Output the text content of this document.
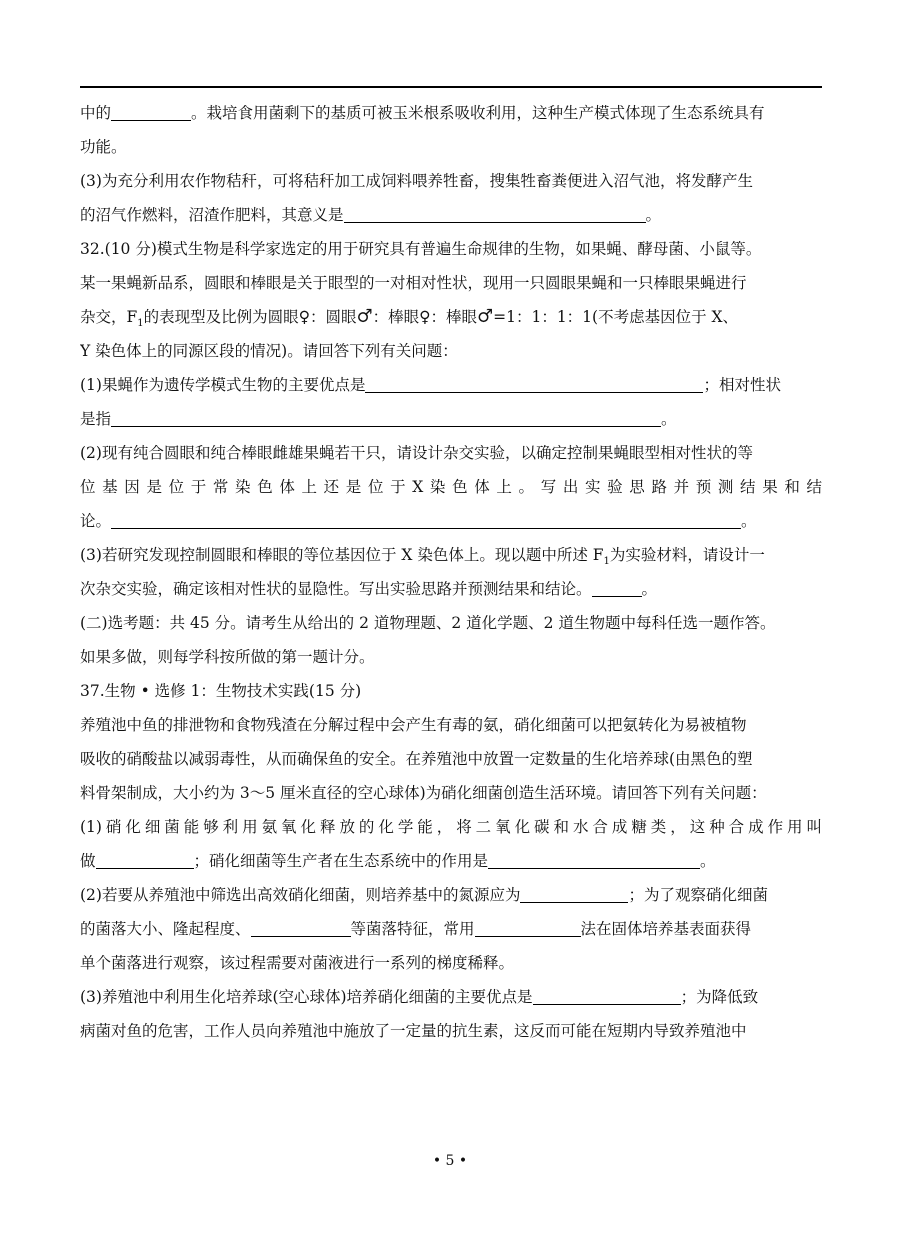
中的	。栽培食用菌剩下的基质可被玉米根系吸收利用，这种生产模式体现了生态系统具有
功能。
(3)为充分利用农作物秸秆，可将秸秆加工成饲料喂养牲畜，搜集牲畜粪便进入沼气池，将发酵产生
的沼气作燃料，沼渣作肥料，其意义是	。
32.(10 分)模式生物是科学家选定的用于研究具有普遍生命规律的生物，如果蝇、酵母菌、小鼠等。
某一果蝇新品系，圆眼和棒眼是关于眼型的一对相对性状，现用一只圆眼果蝇和一只棒眼果蝇进行
杂交，$F_1$的表现型及比例为圆眼♀：圆眼♂：棒眼♀：棒眼♂=1：1：1：1(不考虑基因位于 X、
Y 染色体上的同源区段的情况)。请回答下列有关问题：
(1)果蝇作为遗传学模式生物的主要优点是	；相对性状
是指	。
(2)现有纯合圆眼和纯合棒眼雌雄果蝇若干只，请设计杂交实验，以确定控制果蝇眼型相对性状的等
位基因是位于常染色体上还是位于X染色体上。写出实验思路并预测结果和结
论。	。
(3)若研究发现控制圆眼和棒眼的等位基因位于 X 染色体上。现以题中所述 $F_1$为实验材料，请设计一
次杂交实验，确定该相对性状的显隐性。写出实验思路并预测结果和结论。	。
(二)选考题：共 45 分。请考生从给出的 2 道物理题、2 道化学题、2 道生物题中每科任选一题作答。
如果多做，则每学科按所做的第一题计分。
37.生物 • 选修 1：生物技术实践(15 分)
养殖池中鱼的排泄物和食物残渣在分解过程中会产生有毒的氨，硝化细菌可以把氨转化为易被植物
吸收的硝酸盐以减弱毒性，从而确保鱼的安全。在养殖池中放置一定数量的生化培养球(由黑色的塑
料骨架制成，大小约为 3～5 厘米直径的空心球体)为硝化细菌创造生活环境。请回答下列有关问题：
(1)硝化细菌能够利用氨氧化释放的化学能，将二氧化碳和水合成糖类，这种合成作用叫
做	；硝化细菌等生产者在生态系统中的作用是	。
(2)若要从养殖池中筛选出高效硝化细菌，则培养基中的氮源应为	；为了观察硝化细菌
的菌落大小、隆起程度、	等菌落特征，常用	法在固体培养基表面获得
单个菌落进行观察，该过程需要对菌液进行一系列的梯度稀释。
(3)养殖池中利用生化培养球(空心球体)培养硝化细菌的主要优点是	；为降低致
病菌对鱼的危害，工作人员向养殖池中施放了一定量的抗生素，这反而可能在短期内导致养殖池中
• 5 •
